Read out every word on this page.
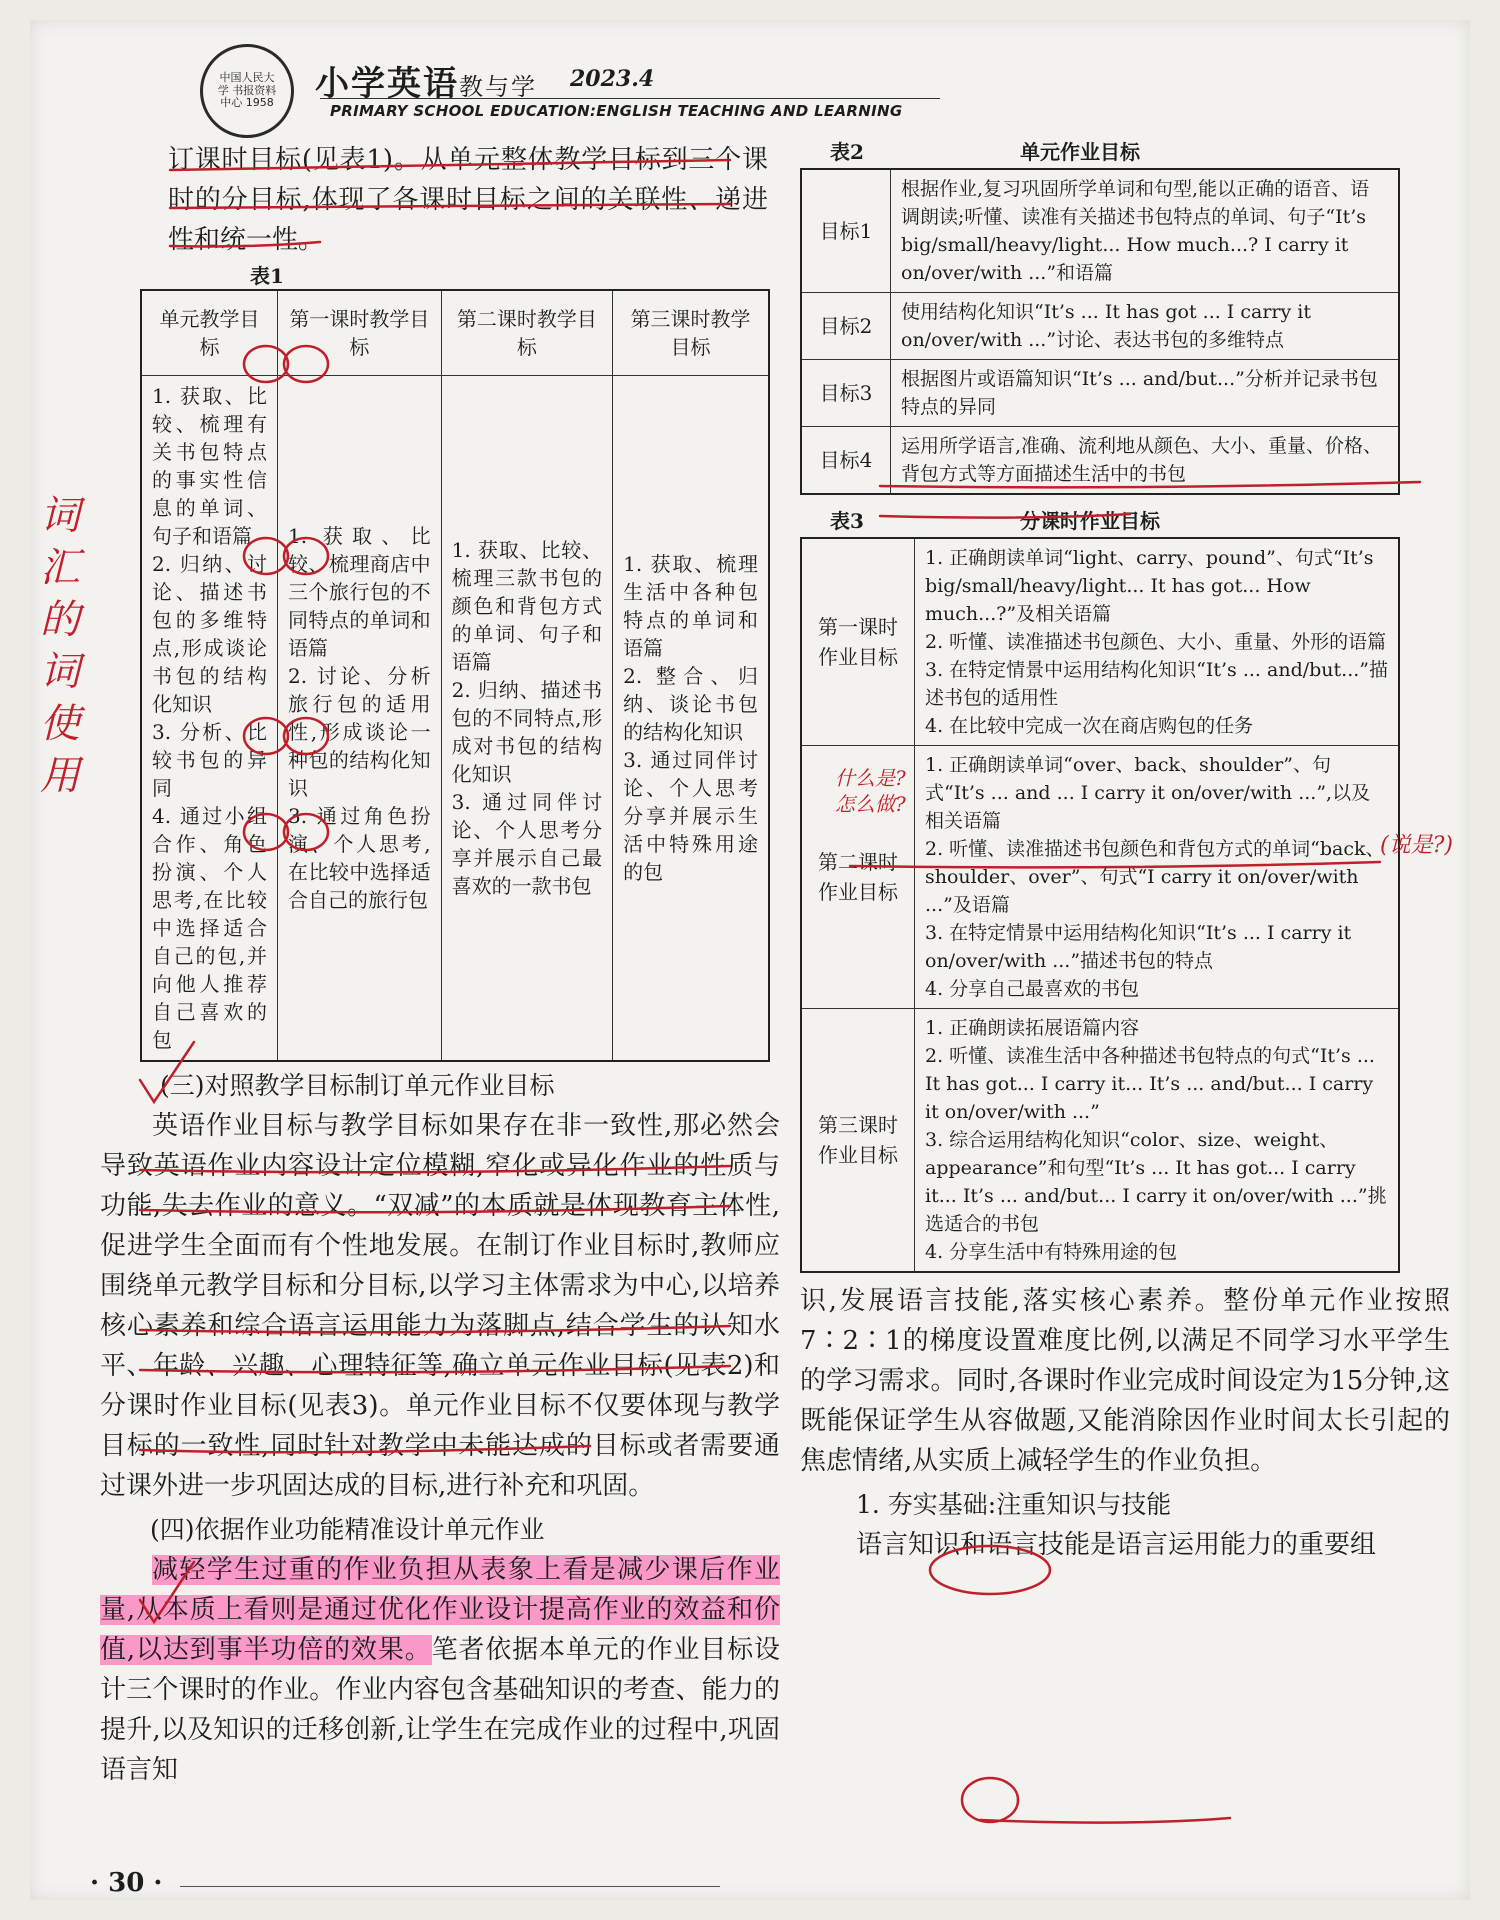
中国人民大学 书报资料中心 1958 小学英语教与学 2023.4
PRIMARY SCHOOL EDUCATION:ENGLISH TEACHING AND LEARNING

订课时目标(见表1)。从单元整体教学目标到三个课时的分目标,体现了各课时目标之间的关联性、递进性和统一性。

表1
单元教学目标	第一课时教学目标	第二课时教学目标	第三课时教学目标

1. 获取、比较、梳理有关书包特点的事实性信息的单词、句子和语篇
2. 归纳、讨论、描述书包的多维特点,形成谈论书包的结构化知识
3. 分析、比较书包的异同
4. 通过小组合作、角色扮演、个人思考,在比较中选择适合自己的包,并向他人推荐自己喜欢的包	1. 获取、比较、梳理商店中三个旅行包的不同特点的单词和语篇
2. 讨论、分析旅行包的适用性,形成谈论一种包的结构化知识
3. 通过角色扮演、个人思考,在比较中选择适合自己的旅行包	1. 获取、比较、梳理三款书包的颜色和背包方式的单词、句子和语篇
2. 归纳、描述书包的不同特点,形成对书包的结构化知识
3. 通过同伴讨论、个人思考分享并展示自己最喜欢的一款书包	1. 获取、梳理生活中各种包特点的单词和语篇
2. 整合、归纳、谈论书包的结构化知识
3. 通过同伴讨论、个人思考分享并展示生活中特殊用途的包
(三)对照教学目标制订单元作业目标

英语作业目标与教学目标如果存在非一致性,那必然会导致英语作业内容设计定位模糊,窄化或异化作业的性质与功能,失去作业的意义。“双减”的本质就是体现教育主体性,促进学生全面而有个性地发展。在制订作业目标时,教师应围绕单元教学目标和分目标,以学习主体需求为中心,以培养核心素养和综合语言运用能力为落脚点,结合学生的认知水平、年龄、兴趣、心理特征等,确立单元作业目标(见表2)和分课时作业目标(见表3)。单元作业目标不仅要体现与教学目标的一致性,同时针对教学中未能达成的目标或者需要通过课外进一步巩固达成的目标,进行补充和巩固。

(四)依据作业功能精准设计单元作业

减轻学生过重的作业负担从表象上看是减少课后作业量,从本质上看则是通过优化作业设计提高作业的效益和价值,以达到事半功倍的效果。笔者依据本单元的作业目标设计三个课时的作业。作业内容包含基础知识的考查、能力的提升,以及知识的迁移创新,让学生在完成作业的过程中,巩固语言知

表2	单元作业目标
目标1	根据作业,复习巩固所学单词和句型,能以正确的语音、语调朗读;听懂、读准有关描述书包特点的单词、句子“It’s big/small/heavy/light... How much...? I carry it on/over/with ...”和语篇
目标2	使用结构化知识“It’s ... It has got ... I carry it on/over/with ...”讨论、表达书包的多维特点
目标3	根据图片或语篇知识“It’s ... and/but...”分析并记录书包特点的异同
目标4	运用所学语言,准确、流利地从颜色、大小、重量、价格、背包方式等方面描述生活中的书包
表3	分课时作业目标
第一课时作业目标	1. 正确朗读单词“light、carry、pound”、句式“It’s big/small/heavy/light... It has got... How much...?”及相关语篇
2. 听懂、读准描述书包颜色、大小、重量、外形的语篇
3. 在特定情景中运用结构化知识“It’s ... and/but...”描述书包的适用性
4. 在比较中完成一次在商店购包的任务

第二课时作业目标	1. 正确朗读单词“over、back、shoulder”、句式“It’s ... and ... I carry it on/over/with ...”,以及相关语篇
2. 听懂、读准描述书包颜色和背包方式的单词“back、shoulder、over”、句式“I carry it on/over/with ...”及语篇
3. 在特定情景中运用结构化知识“It’s ... I carry it on/over/with ...”描述书包的特点
4. 分享自己最喜欢的书包

第三课时作业目标	1. 正确朗读拓展语篇内容
2. 听懂、读准生活中各种描述书包特点的句式“It’s ... It has got... I carry it... It’s ... and/but... I carry it on/over/with ...”
3. 综合运用结构化知识“color、size、weight、appearance”和句型“It’s ... It has got... I carry it... It’s ... and/but... I carry it on/over/with ...”挑选适合的书包
4. 分享生活中有特殊用途的包

识,发展语言技能,落实核心素养。整份单元作业按照7∶2∶1的梯度设置难度比例,以满足不同学习水平学生的学习需求。同时,各课时作业完成时间设定为15分钟,这既能保证学生从容做题,又能消除因作业时间太长引起的焦虑情绪,从实质上减轻学生的作业负担。

1. 夯实基础:注重知识与技能

语言知识和语言技能是语言运用能力的重要组

· 30 ·
词汇的词使用	什么是?怎么做?
(说是?)
